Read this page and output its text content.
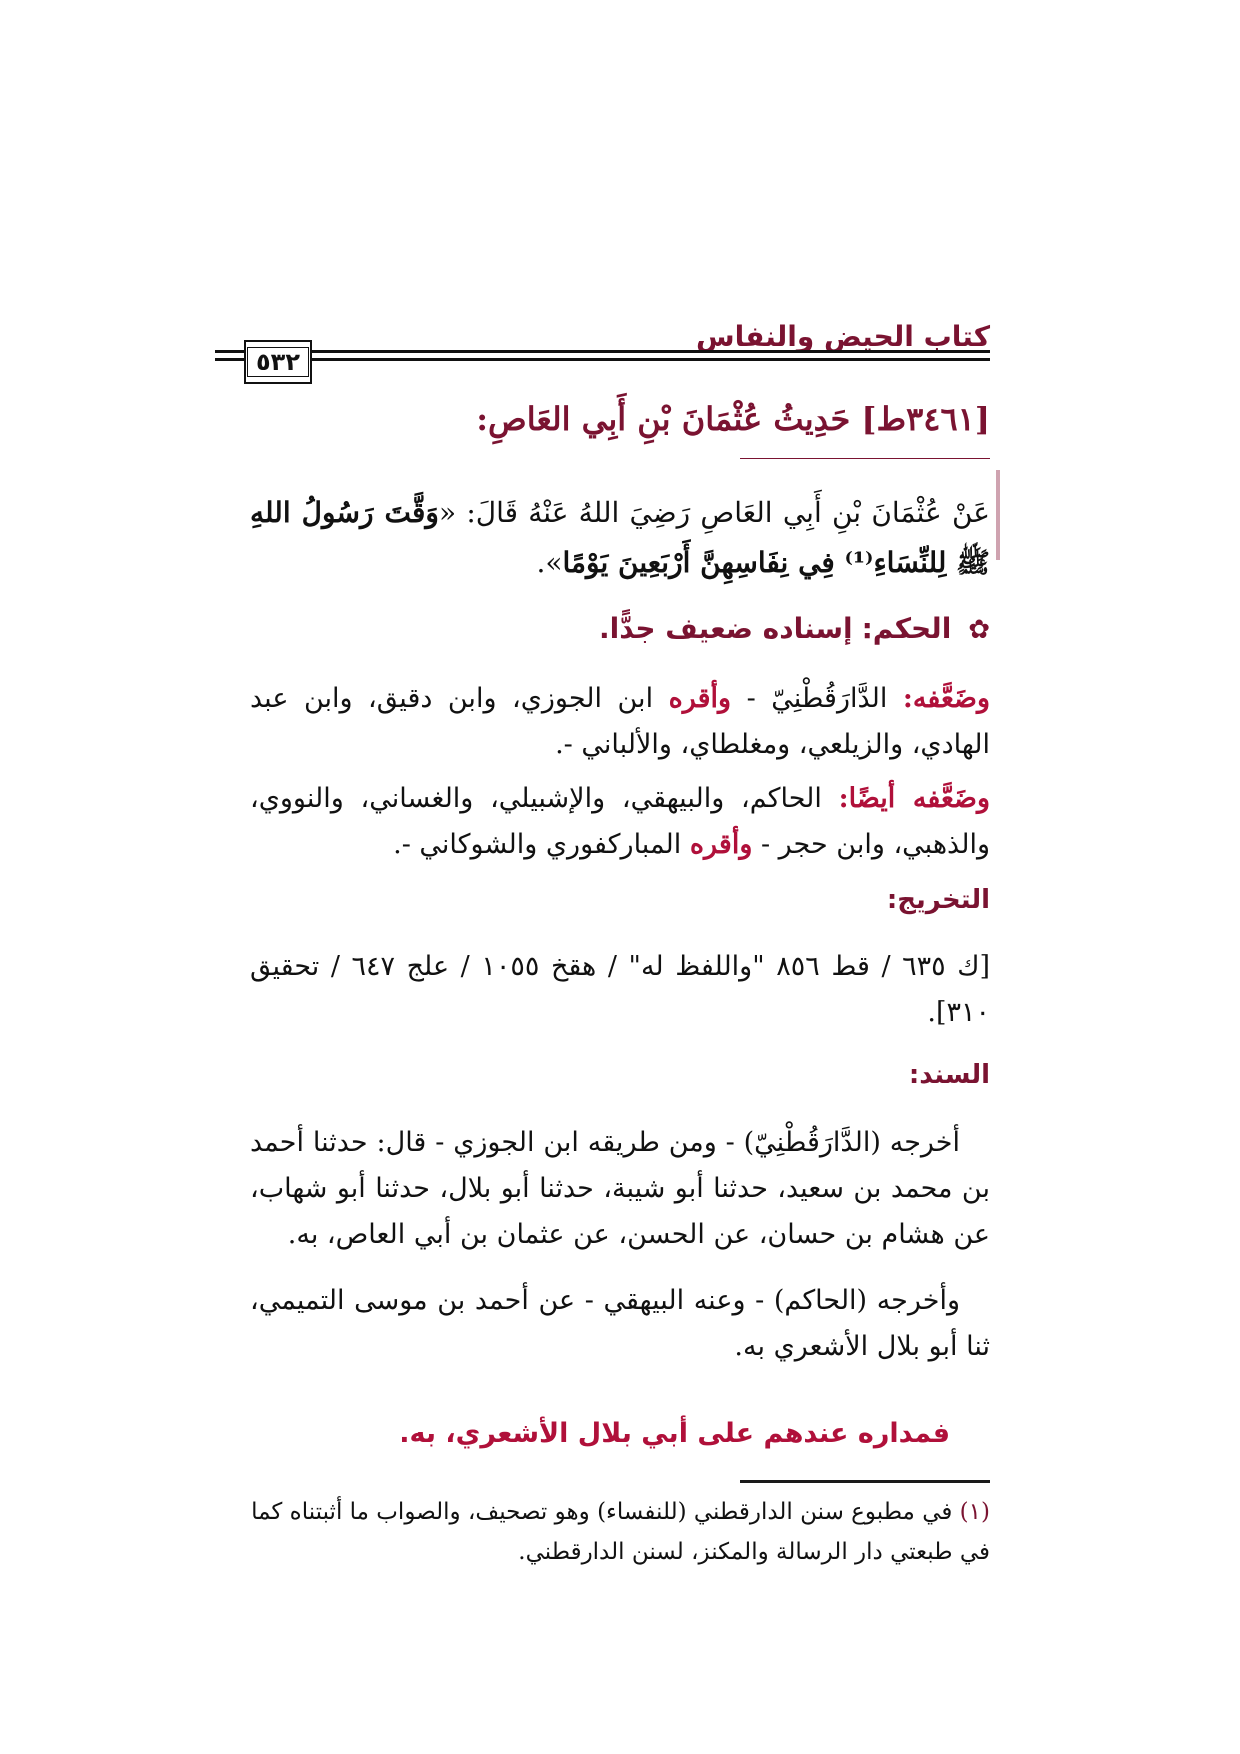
كتاب الحيض والنفاس
٥٣٢
[٣٤٦١ط] حَدِيثُ عُثْمَانَ بْنِ أَبِي العَاصِ:
عَنْ عُثْمَانَ بْنِ أَبِي العَاصِ رَضِيَ اللهُ عَنْهُ قَالَ: «وَقَّتَ رَسُولُ اللهِ ﷺ لِلنِّسَاءِ⁽¹⁾ فِي نِفَاسِهِنَّ أَرْبَعِينَ يَوْمًا».
✿ الحكم: إسناده ضعيف جدًّا.
وضَعَّفه: الدَّارَقُطْنِيّ - وأقره ابن الجوزي، وابن دقيق، وابن عبد الهادي، والزيلعي، ومغلطاي، والألباني -.
وضَعَّفه أيضًا: الحاكم، والبيهقي، والإشبيلي، والغساني، والنووي، والذهبي، وابن حجر - وأقره المباركفوري والشوكاني -.
التخريج:
[ك ٦٣٥ / قط ٨٥٦ "واللفظ له" / هقخ ١٠٥٥ / علج ٦٤٧ / تحقيق ٣١٠].
السند:
أخرجه (الدَّارَقُطْنِيّ) - ومن طريقه ابن الجوزي - قال: حدثنا أحمد بن محمد بن سعيد، حدثنا أبو شيبة، حدثنا أبو بلال، حدثنا أبو شهاب، عن هشام بن حسان، عن الحسن، عن عثمان بن أبي العاص، به.
وأخرجه (الحاكم) - وعنه البيهقي - عن أحمد بن موسى التميمي، ثنا أبو بلال الأشعري به.
فمداره عندهم على أبي بلال الأشعري، به.
(١) في مطبوع سنن الدارقطني (للنفساء) وهو تصحيف، والصواب ما أثبتناه كما في طبعتي دار الرسالة والمكنز، لسنن الدارقطني.
